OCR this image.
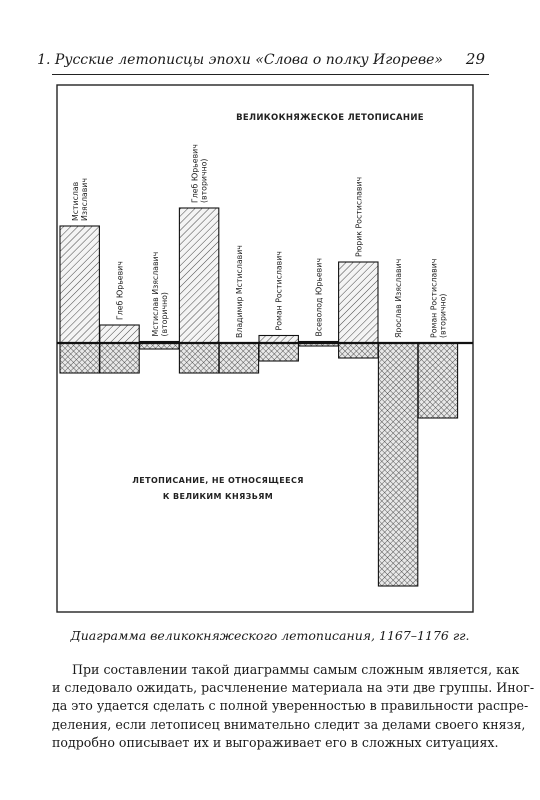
1. Русские летописцы эпохи «Слова о полку Игореве» 29
ВЕЛИКОКНЯЖЕСКОЕ ЛЕТОПИСАНИЕ
ЛЕТОПИСАНИЕ, НЕ ОТНОСЯЩЕЕСЯ
К ВЕЛИКИМ КНЯЗЬЯМ
Мстислав Изяславич
Глеб Юрьевич	Мстислав Изяславич (вторично)
Глеб Юрьевич (вторично)
Владимир Мстиславич	Роман Ростиславич	Всеволод Юрьевич
Рюрик Ростиславич
Ярослав Изяславич	Роман Ростиславич (вторично)
Диаграмма великокняжеского летописания, 1167–1176 гг.

При составлении такой диаграммы самым сложным является, как
и следовало ожидать, расчленение материала на эти две группы. Иног-
да это удается сделать с полной уверенностью в правильности распре-
деления, если летописец внимательно следит за делами своего князя,
подробно описывает их и выгораживает его в сложных ситуациях.
